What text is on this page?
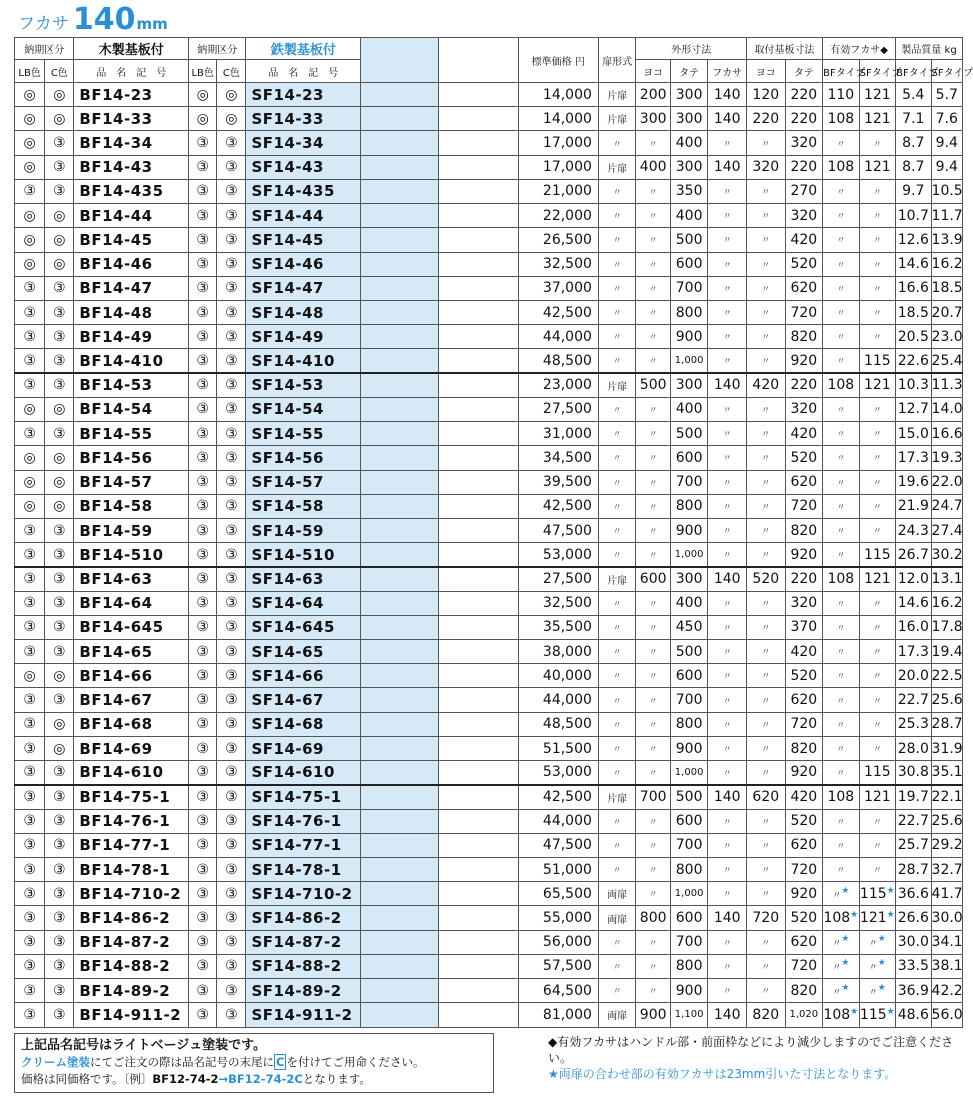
フカサ 140 mm
納期区分		木製基板付	納期区分		鉄製基板付			標準価格 円	扉形式	外形寸法			取付基板寸法		有効フカサ◆		製品質量 kg	
LB色	C色	品　名　記　号	LB色	C色	品　名　記　号					ヨコ	タテ	フカサ	ヨコ	タテ	BFタイプ	SFタイプ	BFタイプ	SFタイプ
◎	◎	BF14-23	◎	◎	SF14-23			14,000	片扉	200	300	140	120	220	110	121	5.4	5.7
◎	◎	BF14-33	◎	◎	SF14-33			14,000	片扉	300	300	140	220	220	108	121	7.1	7.6
◎	③	BF14-34	③	③	SF14-34			17,000	〃	〃	400	〃	〃	320	〃	〃	8.7	9.4
◎	③	BF14-43	③	③	SF14-43			17,000	片扉	400	300	140	320	220	108	121	8.7	9.4
③	③	BF14-435	③	③	SF14-435			21,000	〃	〃	350	〃	〃	270	〃	〃	9.7	10.5
◎	◎	BF14-44	③	③	SF14-44			22,000	〃	〃	400	〃	〃	320	〃	〃	10.7	11.7
◎	◎	BF14-45	③	③	SF14-45			26,500	〃	〃	500	〃	〃	420	〃	〃	12.6	13.9
◎	◎	BF14-46	③	③	SF14-46			32,500	〃	〃	600	〃	〃	520	〃	〃	14.6	16.2
③	③	BF14-47	③	③	SF14-47			37,000	〃	〃	700	〃	〃	620	〃	〃	16.6	18.5
③	③	BF14-48	③	③	SF14-48			42,500	〃	〃	800	〃	〃	720	〃	〃	18.5	20.7
③	③	BF14-49	③	③	SF14-49			44,000	〃	〃	900	〃	〃	820	〃	〃	20.5	23.0
③	③	BF14-410	③	③	SF14-410			48,500	〃	〃	1,000	〃	〃	920	〃	115	22.6	25.4
③	③	BF14-53	③	③	SF14-53			23,000	片扉	500	300	140	420	220	108	121	10.3	11.3
◎	◎	BF14-54	③	③	SF14-54			27,500	〃	〃	400	〃	〃	320	〃	〃	12.7	14.0
③	③	BF14-55	③	③	SF14-55			31,000	〃	〃	500	〃	〃	420	〃	〃	15.0	16.6
◎	◎	BF14-56	③	③	SF14-56			34,500	〃	〃	600	〃	〃	520	〃	〃	17.3	19.3
◎	◎	BF14-57	③	③	SF14-57			39,500	〃	〃	700	〃	〃	620	〃	〃	19.6	22.0
◎	◎	BF14-58	③	③	SF14-58			42,500	〃	〃	800	〃	〃	720	〃	〃	21.9	24.7
③	③	BF14-59	③	③	SF14-59			47,500	〃	〃	900	〃	〃	820	〃	〃	24.3	27.4
③	③	BF14-510	③	③	SF14-510			53,000	〃	〃	1,000	〃	〃	920	〃	115	26.7	30.2
③	③	BF14-63	③	③	SF14-63			27,500	片扉	600	300	140	520	220	108	121	12.0	13.1
③	③	BF14-64	③	③	SF14-64			32,500	〃	〃	400	〃	〃	320	〃	〃	14.6	16.2
③	③	BF14-645	③	③	SF14-645			35,500	〃	〃	450	〃	〃	370	〃	〃	16.0	17.8
③	③	BF14-65	③	③	SF14-65			38,000	〃	〃	500	〃	〃	420	〃	〃	17.3	19.4
◎	◎	BF14-66	③	③	SF14-66			40,000	〃	〃	600	〃	〃	520	〃	〃	20.0	22.5
③	③	BF14-67	③	③	SF14-67			44,000	〃	〃	700	〃	〃	620	〃	〃	22.7	25.6
③	◎	BF14-68	③	③	SF14-68			48,500	〃	〃	800	〃	〃	720	〃	〃	25.3	28.7
③	◎	BF14-69	③	③	SF14-69			51,500	〃	〃	900	〃	〃	820	〃	〃	28.0	31.9
③	③	BF14-610	③	③	SF14-610			53,000	〃	〃	1,000	〃	〃	920	〃	115	30.8	35.1
③	③	BF14-75-1	③	③	SF14-75-1			42,500	片扉	700	500	140	620	420	108	121	19.7	22.1
③	③	BF14-76-1	③	③	SF14-76-1			44,000	〃	〃	600	〃	〃	520	〃	〃	22.7	25.6
③	③	BF14-77-1	③	③	SF14-77-1			47,500	〃	〃	700	〃	〃	620	〃	〃	25.7	29.2
③	③	BF14-78-1	③	③	SF14-78-1			51,000	〃	〃	800	〃	〃	720	〃	〃	28.7	32.7
③	③	BF14-710-2	③	③	SF14-710-2			65,500	両扉	〃	1,000	〃	〃	920	〃★	115★	36.6	41.7
③	③	BF14-86-2	③	③	SF14-86-2			55,000	両扉	800	600	140	720	520	108★	121★	26.6	30.0
③	③	BF14-87-2	③	③	SF14-87-2			56,000	〃	〃	700	〃	〃	620	〃★	〃★	30.0	34.1
③	③	BF14-88-2	③	③	SF14-88-2			57,500	〃	〃	800	〃	〃	720	〃★	〃★	33.5	38.1
③	③	BF14-89-2	③	③	SF14-89-2			64,500	〃	〃	900	〃	〃	820	〃★	〃★	36.9	42.2
③	③	BF14-911-2	③	③	SF14-911-2			81,000	両扉	900	1,100	140	820	1,020	108★	115★	48.6	56.0
上記品名記号はライトベージュ塗装です。
クリーム塗装にてご注文の際は品名記号の末尾に C を付けてご用命ください。
価格は同価格です。〔例〕BF12-74-2→BF12-74-2Cとなります。
◆有効フカサはハンドル部・前面枠などにより減少しますのでご注意ください。
★両扉の合わせ部の有効フカサは23mm引いた寸法となります。
